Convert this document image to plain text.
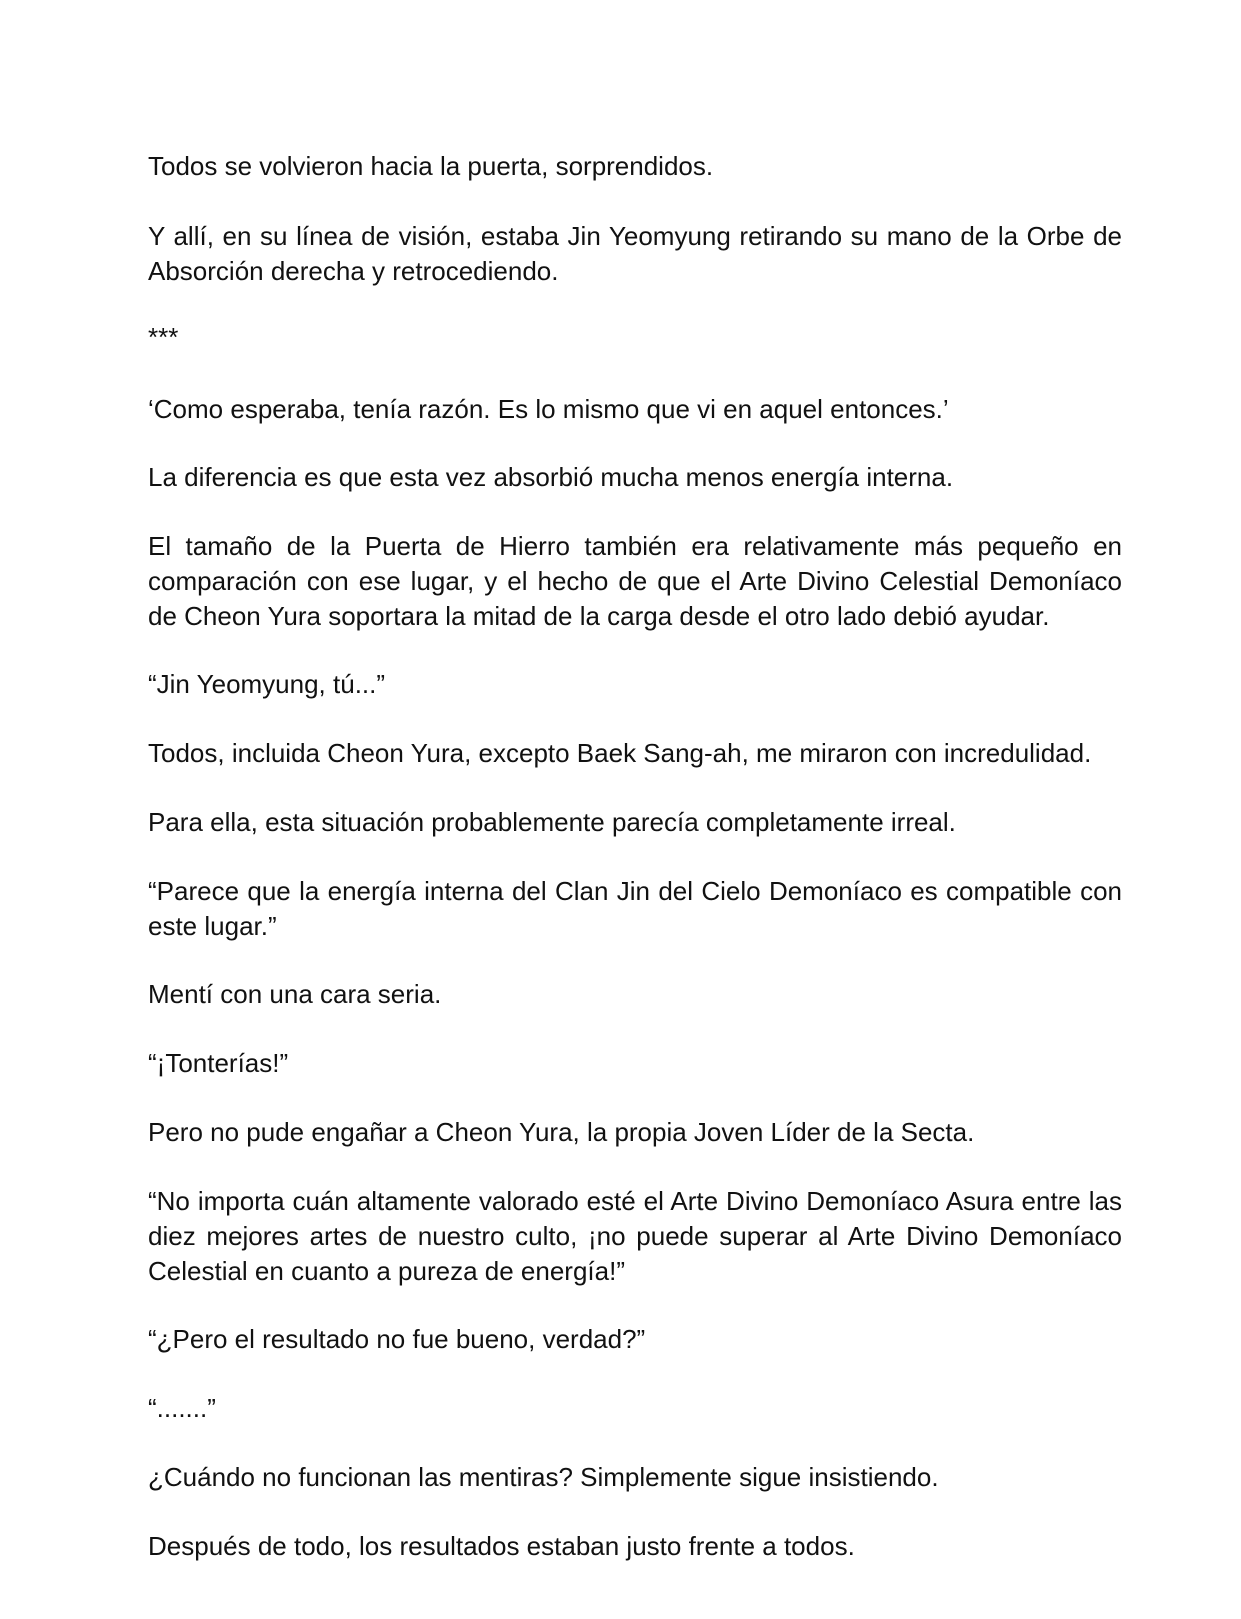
Todos se volvieron hacia la puerta, sorprendidos.

Y allí, en su línea de visión, estaba Jin Yeomyung retirando su mano de la Orbe de Absorción derecha y retrocediendo.

***

‘Como esperaba, tenía razón. Es lo mismo que vi en aquel entonces.’

La diferencia es que esta vez absorbió mucha menos energía interna.

El tamaño de la Puerta de Hierro también era relativamente más pequeño en comparación con ese lugar, y el hecho de que el Arte Divino Celestial Demoníaco de Cheon Yura soportara la mitad de la carga desde el otro lado debió ayudar.

“Jin Yeomyung, tú...”

Todos, incluida Cheon Yura, excepto Baek Sang-ah, me miraron con incredulidad.

Para ella, esta situación probablemente parecía completamente irreal.

“Parece que la energía interna del Clan Jin del Cielo Demoníaco es compatible con este lugar.”

Mentí con una cara seria.

“¡Tonterías!”

Pero no pude engañar a Cheon Yura, la propia Joven Líder de la Secta.

“No importa cuán altamente valorado esté el Arte Divino Demoníaco Asura entre las diez mejores artes de nuestro culto, ¡no puede superar al Arte Divino Demoníaco Celestial en cuanto a pureza de energía!”

“¿Pero el resultado no fue bueno, verdad?”

“.......”

¿Cuándo no funcionan las mentiras? Simplemente sigue insistiendo.

Después de todo, los resultados estaban justo frente a todos.
